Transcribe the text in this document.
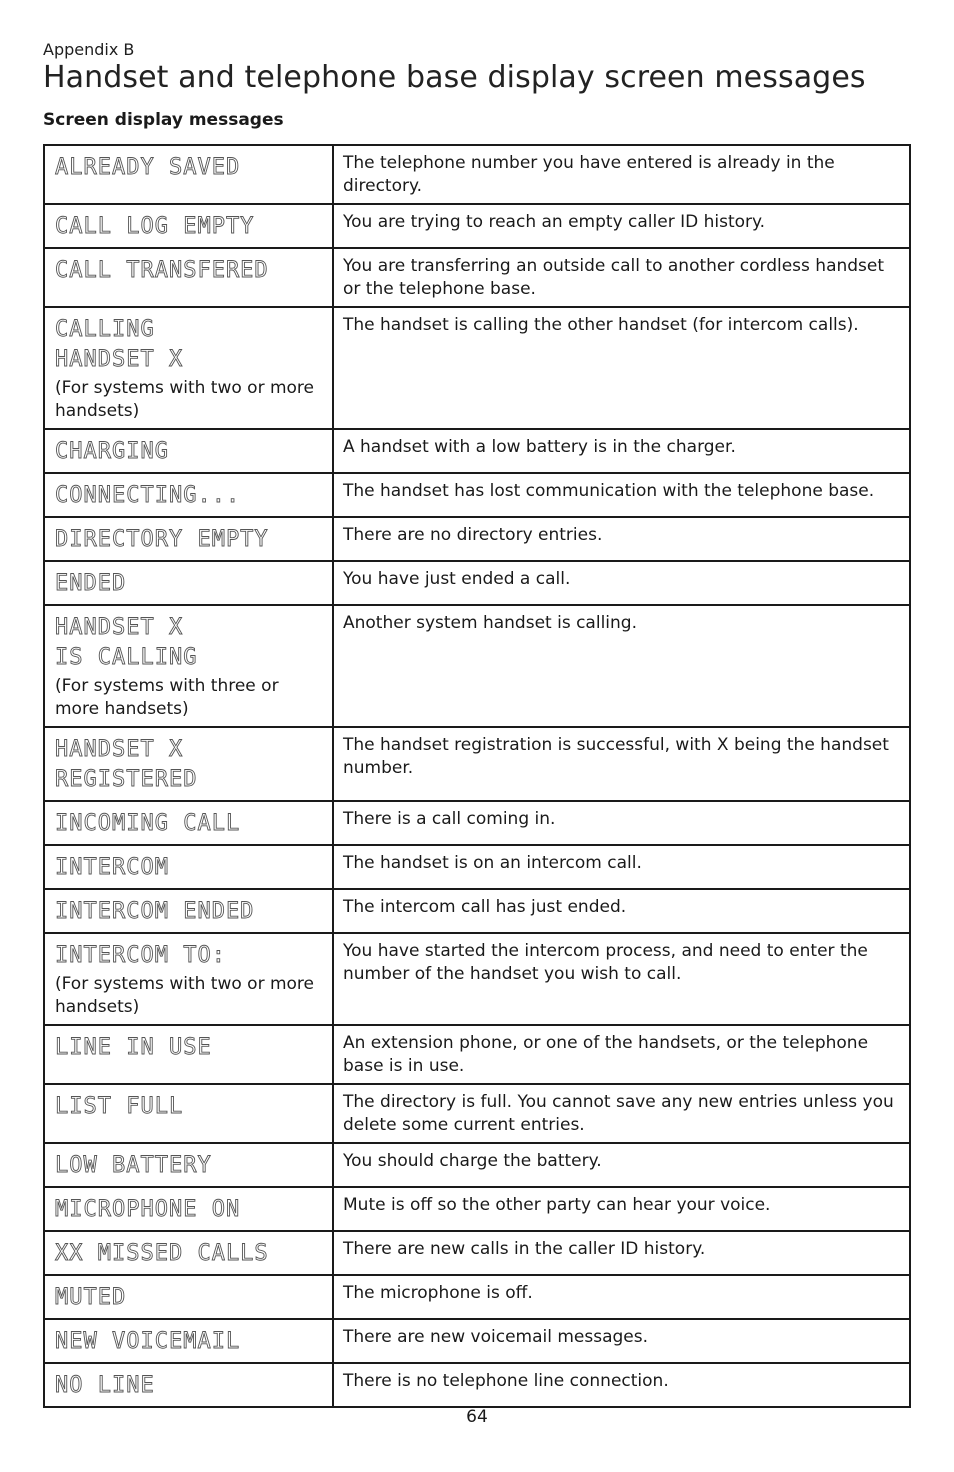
Appendix B
Handset and telephone base display screen messages
Screen display messages
ALREADY SAVED	The telephone number you have entered is already in the directory.

CALL LOG EMPTY	You are trying to reach an empty caller ID history.

CALL TRANSFERED	You are transferring an outside call to another cordless handset or the telephone base.

CALLING
HANDSET X
(For systems with two or more handsets)	The handset is calling the other handset (for intercom calls).

CHARGING	A handset with a low battery is in the charger.

CONNECTING...	The handset has lost communication with the telephone base.

DIRECTORY EMPTY	There are no directory entries.

ENDED	You have just ended a call.

HANDSET X
IS CALLING
(For systems with three or more handsets)	Another system handset is calling.

HANDSET X
REGISTERED	The handset registration is successful, with X being the handset number.

INCOMING CALL	There is a call coming in.

INTERCOM	The handset is on an intercom call.

INTERCOM ENDED	The intercom call has just ended.

INTERCOM TO:
(For systems with two or more handsets)	You have started the intercom process, and need to enter the number of the handset you wish to call.

LINE IN USE	An extension phone, or one of the handsets, or the telephone base is in use.

LIST FULL	The directory is full. You cannot save any new entries unless you delete some current entries.

LOW BATTERY	You should charge the battery.

MICROPHONE ON	Mute is off so the other party can hear your voice.

XX MISSED CALLS	There are new calls in the caller ID history.

MUTED	The microphone is off.

NEW VOICEMAIL	There are new voicemail messages.

NO LINE	There is no telephone line connection.
64
